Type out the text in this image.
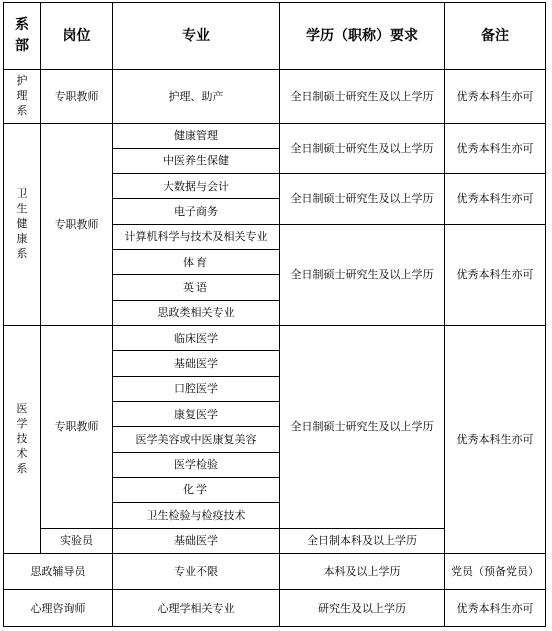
系部	岗位	专业	学历（职称）要求	备注
护理系	专职教师	护理、助产	全日制硕士研究生及以上学历	优秀本科生亦可
卫生健康系	专职教师	健康管理	全日制硕士研究生及以上学历	优秀本科生亦可
		中医养生保健		
		大数据与会计	全日制硕士研究生及以上学历	优秀本科生亦可
		电子商务		
		计算机科学与技术及相关专业	全日制硕士研究生及以上学历	优秀本科生亦可
		体育		
		英语		
		思政类相关专业		
医学技术系	专职教师	临床医学	全日制硕士研究生及以上学历	优秀本科生亦可
		基础医学		
		口腔医学		
		康复医学		
		医学美容或中医康复美容		
		医学检验		
		化学		
		卫生检验与检疫技术		
	实验员	基础医学	全日制本科及以上学历	
思政辅导员		专业不限	本科及以上学历	党员（预备党员）
心理咨询师		心理学相关专业	研究生及以上学历	优秀本科生亦可
